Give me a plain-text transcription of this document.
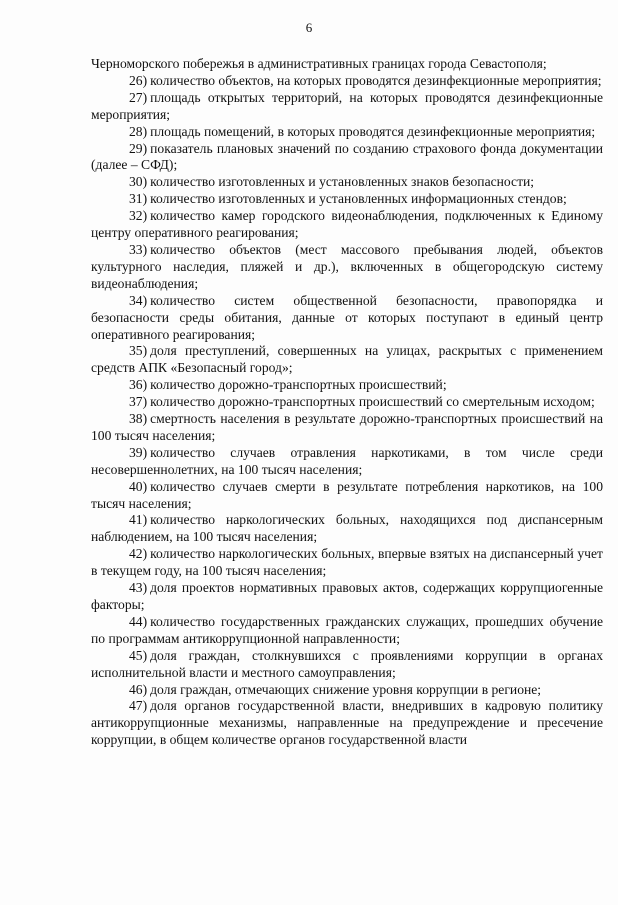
6

Черноморского побережья в административных границах города Севастополя;

26) количество объектов, на которых проводятся дезинфекционные мероприятия;

27) площадь открытых территорий, на которых проводятся дезинфекционные мероприятия;

28) площадь помещений, в которых проводятся дезинфекционные мероприятия;

29) показатель плановых значений по созданию страхового фонда документации (далее – СФД);

30) количество изготовленных и установленных знаков безопасности;

31) количество изготовленных и установленных информационных стендов;

32) количество камер городского видеонаблюдения, подключенных к Единому центру оперативного реагирования;

33) количество объектов (мест массового пребывания людей, объектов культурного наследия, пляжей и др.), включенных в общегородскую систему видеонаблюдения;

34) количество систем общественной безопасности, правопорядка и безопасности среды обитания, данные от которых поступают в единый центр оперативного реагирования;

35) доля преступлений, совершенных на улицах, раскрытых с применением средств АПК «Безопасный город»;

36) количество дорожно-транспортных происшествий;

37) количество дорожно-транспортных происшествий со смертельным исходом;

38) смертность населения в результате дорожно-транспортных происшествий на 100 тысяч населения;

39) количество случаев отравления наркотиками, в том числе среди несовершеннолетних, на 100 тысяч населения;

40) количество случаев смерти в результате потребления наркотиков, на 100 тысяч населения;

41) количество наркологических больных, находящихся под диспансерным наблюдением, на 100 тысяч населения;

42) количество наркологических больных, впервые взятых на диспансерный учет в текущем году, на 100 тысяч населения;

43) доля проектов нормативных правовых актов, содержащих коррупциогенные факторы;

44) количество государственных гражданских служащих, прошедших обучение по программам антикоррупционной направленности;

45) доля граждан, столкнувшихся с проявлениями коррупции в органах исполнительной власти и местного самоуправления;

46) доля граждан, отмечающих снижение уровня коррупции в регионе;

47) доля органов государственной власти, внедривших в кадровую политику антикоррупционные механизмы, направленные на предупреждение и пресечение коррупции, в общем количестве органов государственной власти
